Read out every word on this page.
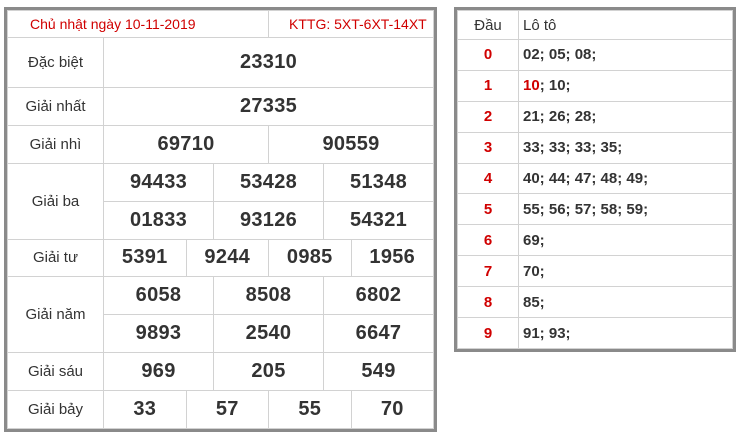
Chủ nhật ngày 10-11-2019				KTTG: 5XT-6XT-14XT		
Đặc biệt	23310					
Giải nhất	27335					
Giải nhì	69710			90559		
Giải ba	94433		53428		51348	
	01833		93126		54321	
Giải tư	5391	9244		0985		1956
Giải năm	6058		8508		6802	
	9893		2540		6647	
Giải sáu	969		205		549	
Giải bảy	33	57		55		70
Đầu	Lô tô
0	02; 05; 08;
1	10; 10;
2	21; 26; 28;
3	33; 33; 33; 35;
4	40; 44; 47; 48; 49;
5	55; 56; 57; 58; 59;
6	69;
7	70;
8	85;
9	91; 93;
